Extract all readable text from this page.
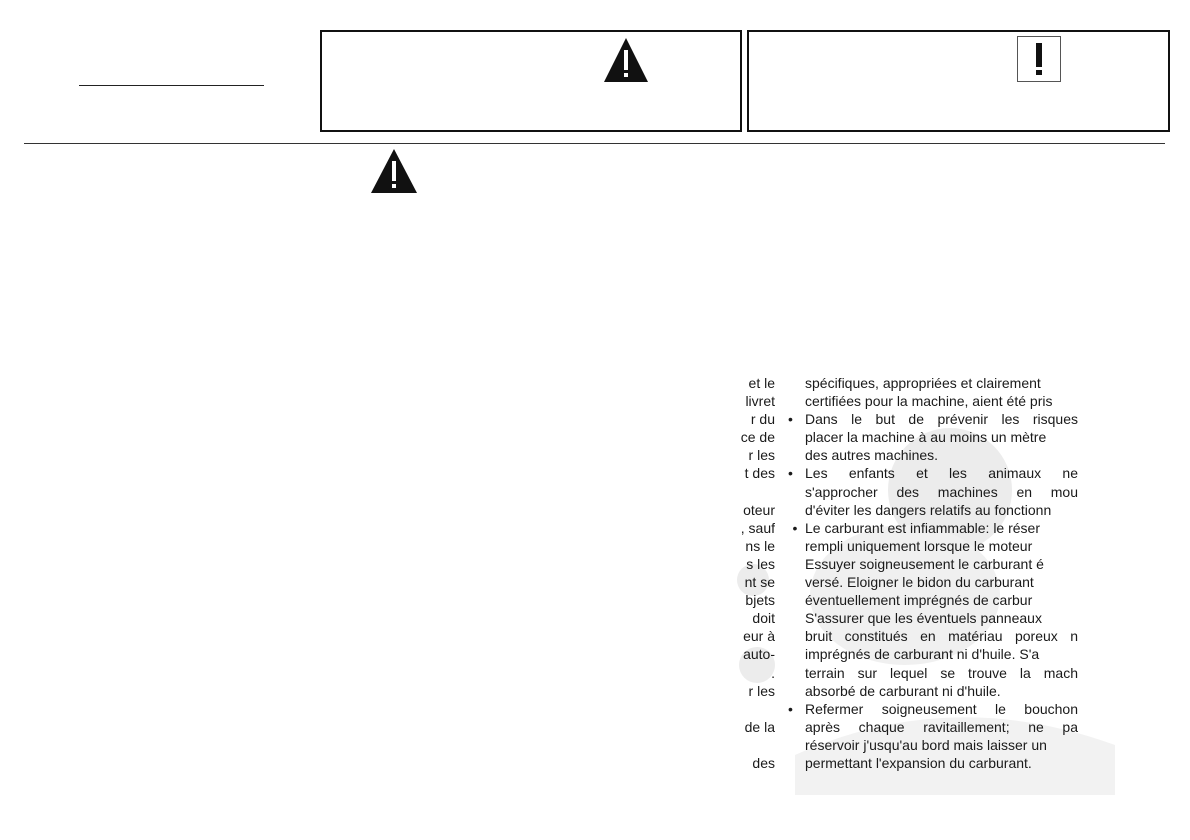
et le
livret
r du
ce de
r les
t des
oteur
, sauf
ns le
s les
nt se
bjets
doit
eur à
auto-
.
r les
de la
des
spécifiques, appropriées et clairement
certifiées pour la machine, aient été pris
• Dans le but de prévenir les risques
placer la machine à au moins un mètre
des autres machines.
• Les enfants et les animaux ne
s'approcher des machines en mou
d'éviter les dangers relatifs au fonctionn
• Le carburant est infiammable: le réser
rempli uniquement lorsque le moteur
Essuyer soigneusement le carburant é
versé. Eloigner le bidon du carburant
éventuellement imprégnés de carbur
S'assurer que les éventuels panneaux
bruit constitués en matériau poreux n
imprégnés de carburant ni d'huile. S'a
terrain sur lequel se trouve la mach
absorbé de carburant ni d'huile.
• Refermer soigneusement le bouchon
après chaque ravitaillement; ne pa
réservoir j'usqu'au bord mais laisser un
permettant l'expansion du carburant.
